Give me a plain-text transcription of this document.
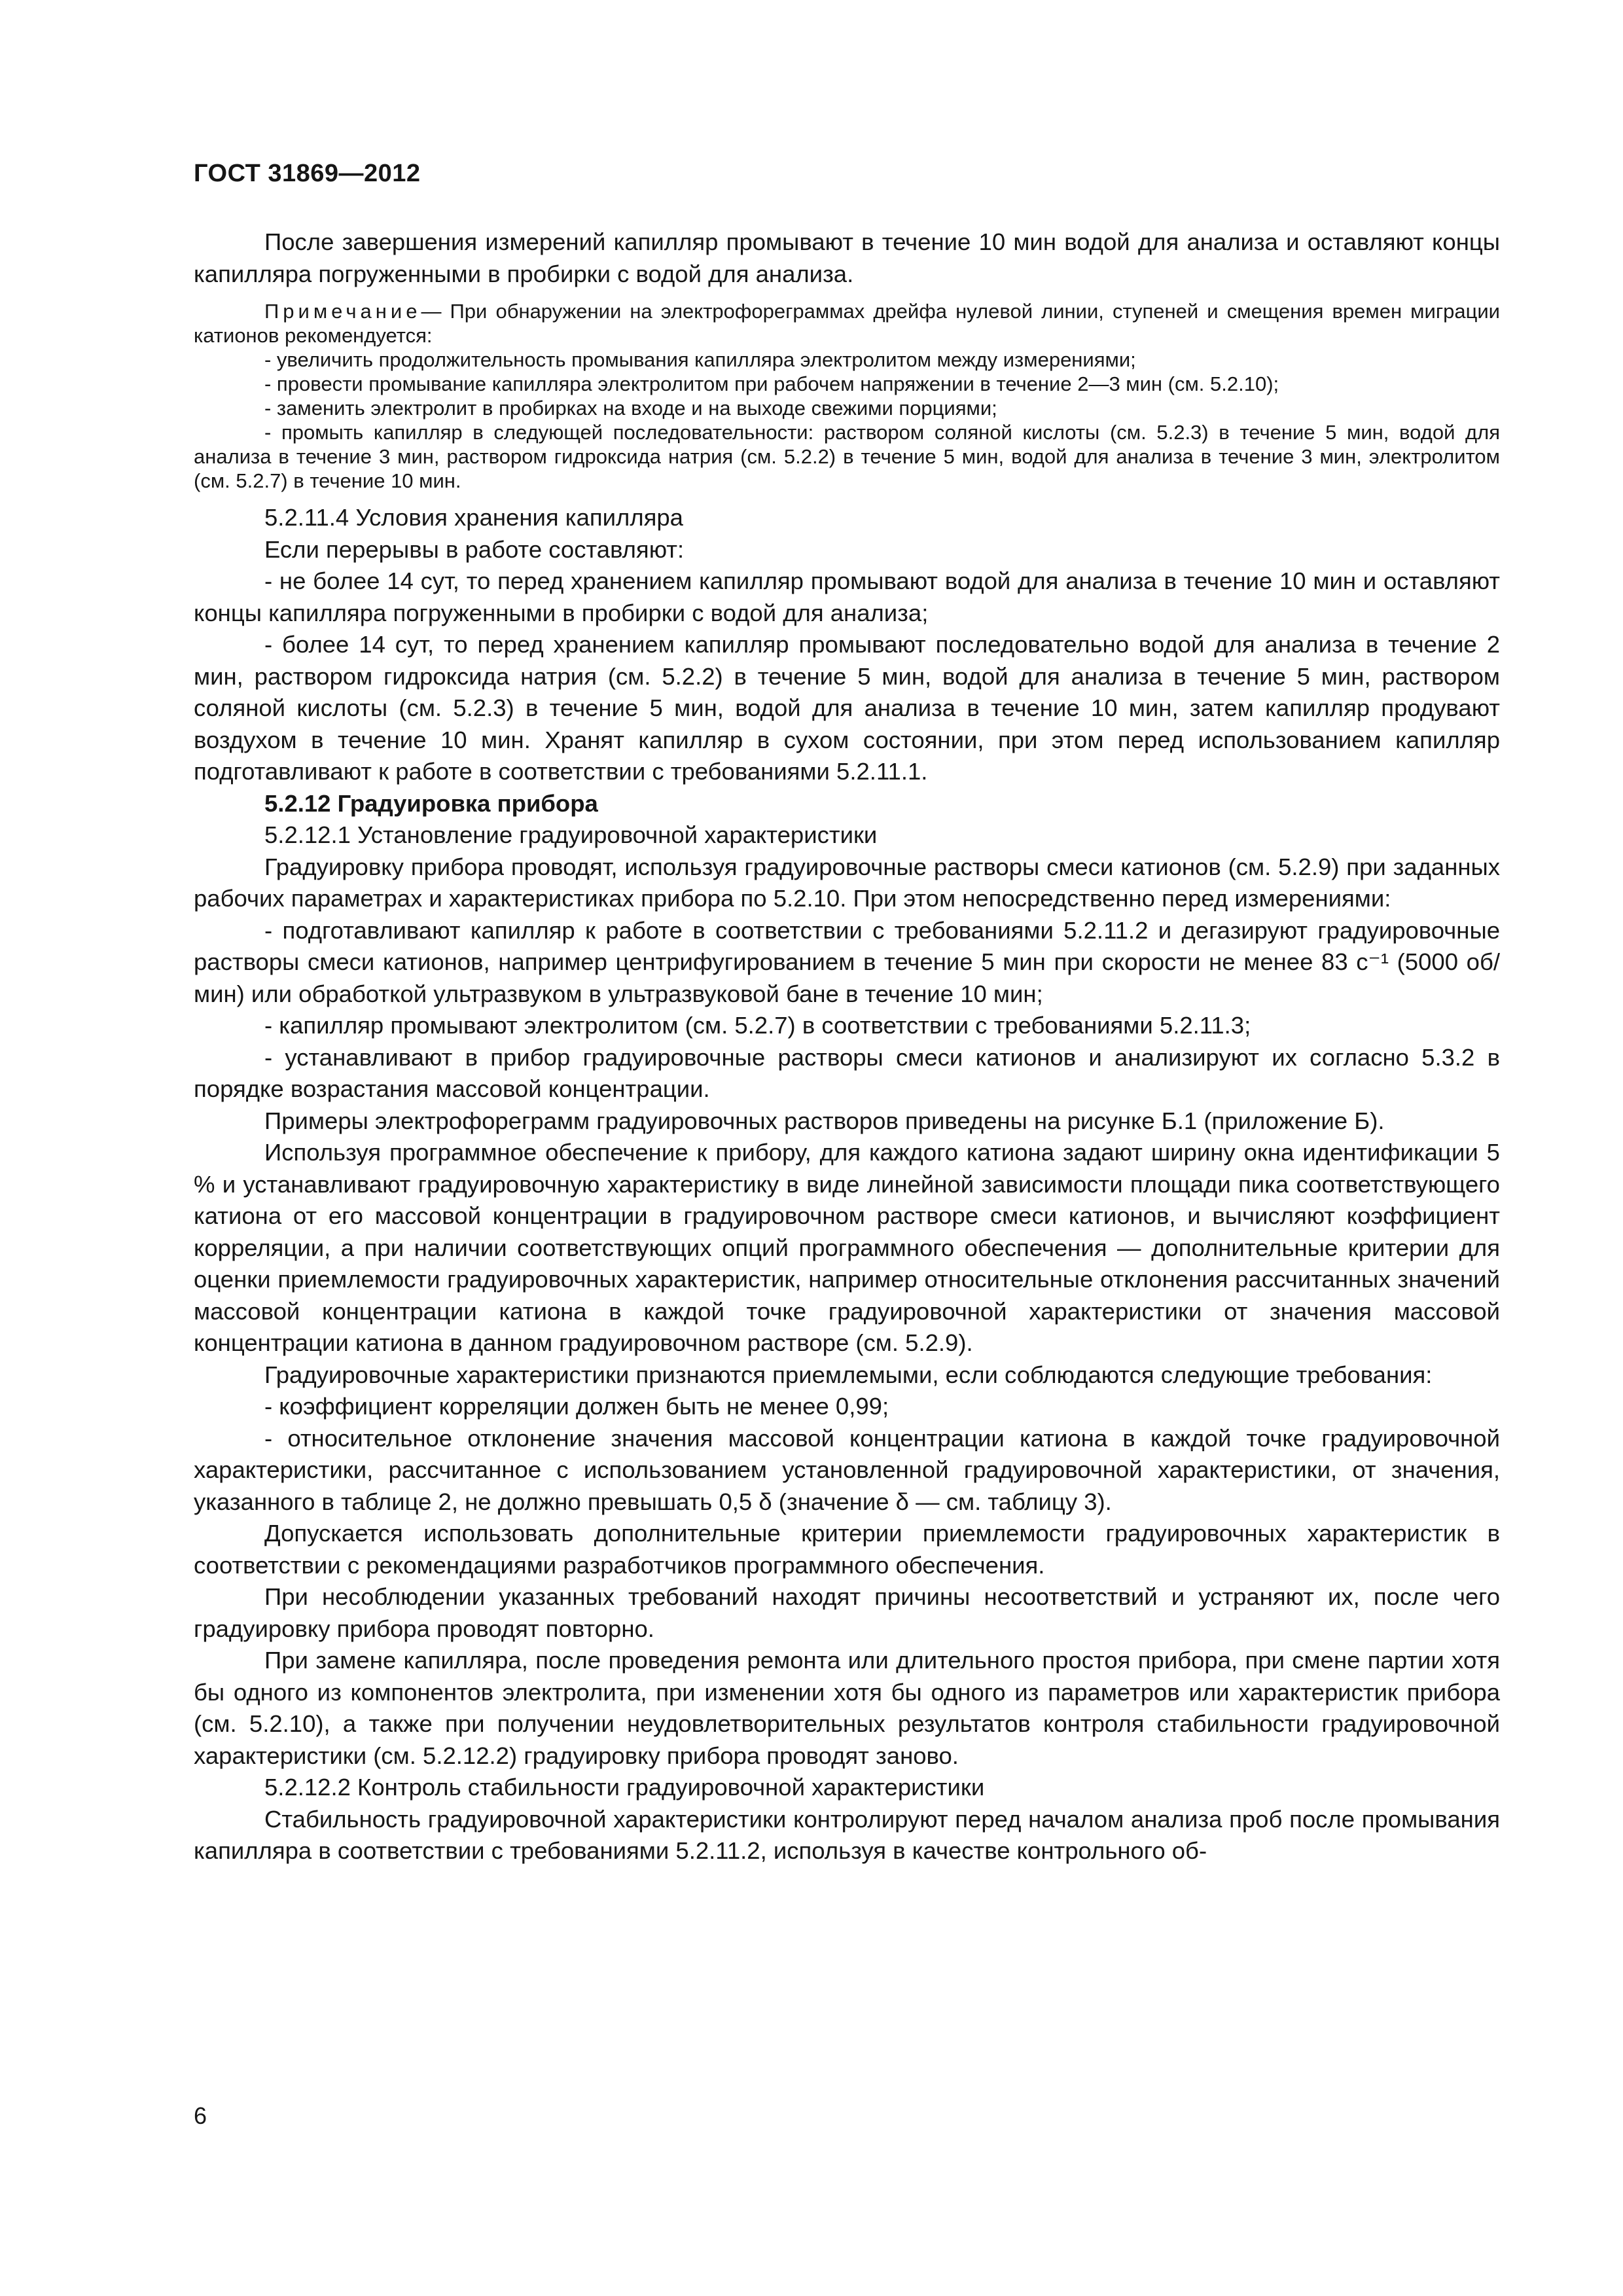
ГОСТ 31869—2012

После завершения измерений капилляр промывают в течение 10 мин водой для анализа и оставляют концы капилляра погруженными в пробирки с водой для анализа.

Примечание— При обнаружении на электрофореграммах дрейфа нулевой линии, ступеней и смещения времен миграции катионов рекомендуется:

- увеличить продолжительность промывания капилляра электролитом между измерениями;

- провести промывание капилляра электролитом при рабочем напряжении в течение 2—3 мин (см. 5.2.10);

- заменить электролит в пробирках на входе и на выходе свежими порциями;

- промыть капилляр в следующей последовательности: раствором соляной кислоты (см. 5.2.3) в течение 5 мин, водой для анализа в течение 3 мин, раствором гидроксида натрия (см. 5.2.2) в течение 5 мин, водой для анализа в течение 3 мин, электролитом (см. 5.2.7) в течение 10 мин.

5.2.11.4 Условия хранения капилляра

Если перерывы в работе составляют:

- не более 14 сут, то перед хранением капилляр промывают водой для анализа в течение 10 мин и оставляют концы капилляра погруженными в пробирки с водой для анализа;

- более 14 сут, то перед хранением капилляр промывают последовательно водой для анализа в течение 2 мин, раствором гидроксида натрия (см. 5.2.2) в течение 5 мин, водой для анализа в течение 5 мин, раствором соляной кислоты (см. 5.2.3) в течение 5 мин, водой для анализа в течение 10 мин, затем капилляр продувают воздухом в течение 10 мин. Хранят капилляр в сухом состоянии, при этом перед использованием капилляр подготавливают к работе в соответствии с требованиями 5.2.11.1.

5.2.12 Градуировка прибора

5.2.12.1 Установление градуировочной характеристики

Градуировку прибора проводят, используя градуировочные растворы смеси катионов (см. 5.2.9) при заданных рабочих параметрах и характеристиках прибора по 5.2.10. При этом непосредственно перед измерениями:

- подготавливают капилляр к работе в соответствии с требованиями 5.2.11.2 и дегазируют градуировочные растворы смеси катионов, например центрифугированием в течение 5 мин при скорости не менее 83 с⁻¹ (5000 об/мин) или обработкой ультразвуком в ультразвуковой бане в течение 10 мин;

- капилляр промывают электролитом (см. 5.2.7) в соответствии с требованиями 5.2.11.3;

- устанавливают в прибор градуировочные растворы смеси катионов и анализируют их согласно 5.3.2 в порядке возрастания массовой концентрации.

Примеры электрофореграмм градуировочных растворов приведены на рисунке Б.1 (приложение Б).

Используя программное обеспечение к прибору, для каждого катиона задают ширину окна идентификации 5 % и устанавливают градуировочную характеристику в виде линейной зависимости площади пика соответствующего катиона от его массовой концентрации в градуировочном растворе смеси катионов, и вычисляют коэффициент корреляции, а при наличии соответствующих опций программного обеспечения — дополнительные критерии для оценки приемлемости градуировочных характеристик, например относительные отклонения рассчитанных значений массовой концентрации катиона в каждой точке градуировочной характеристики от значения массовой концентрации катиона в данном градуировочном растворе (см. 5.2.9).

Градуировочные характеристики признаются приемлемыми, если соблюдаются следующие требования:

- коэффициент корреляции должен быть не менее 0,99;

- относительное отклонение значения массовой концентрации катиона в каждой точке градуировочной характеристики, рассчитанное с использованием установленной градуировочной характеристики, от значения, указанного в таблице 2, не должно превышать 0,5 δ (значение δ — см. таблицу 3).

Допускается использовать дополнительные критерии приемлемости градуировочных характеристик в соответствии с рекомендациями разработчиков программного обеспечения.

При несоблюдении указанных требований находят причины несоответствий и устраняют их, после чего градуировку прибора проводят повторно.

При замене капилляра, после проведения ремонта или длительного простоя прибора, при смене партии хотя бы одного из компонентов электролита, при изменении хотя бы одного из параметров или характеристик прибора (см. 5.2.10), а также при получении неудовлетворительных результатов контроля стабильности градуировочной характеристики (см. 5.2.12.2) градуировку прибора проводят заново.

5.2.12.2 Контроль стабильности градуировочной характеристики

Стабильность градуировочной характеристики контролируют перед началом анализа проб после промывания капилляра в соответствии с требованиями 5.2.11.2, используя в качестве контрольного об-

6
